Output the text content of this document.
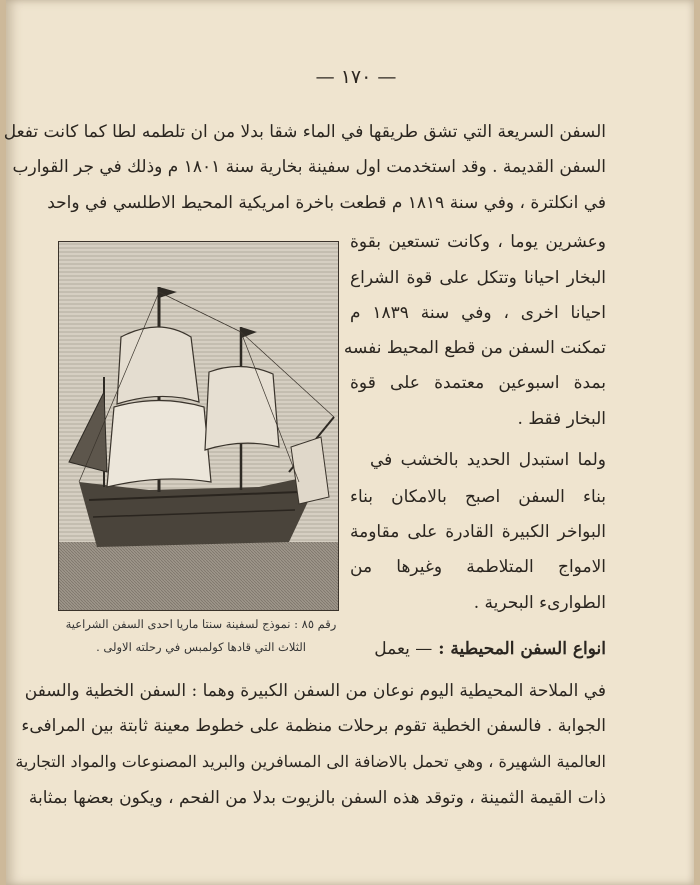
— ١٧٠ —
السفن السريعة التي تشق طريقها في الماء شقا بدلا من ان تلطمه لطا كما كانت تفعل
السفن القديمة . وقد استخدمت اول سفينة بخارية سنة ١٨٠١ م وذلك في جر القوارب
في انكلترة ، وفي سنة ١٨١٩ م قطعت باخرة امريكية المحيط الاطلسي في واحد
وعشرين يوما ، وكانت تستعين بقوة
البخار احيانا وتتكل على قوة الشراع
احيانا اخرى ، وفي سنة ١٨٣٩ م
تمكنت السفن من قطع المحيط نفسه
بمدة اسبوعين معتمدة على قوة
البخار فقط .
ولما استبدل الحديد بالخشب في
بناء السفن اصبح بالامكان بناء
البواخر الكبيرة القادرة على مقاومة
الامواج المتلاطمة وغيرها من
الطوارىء البحرية .
رقم ٨٥ : نموذج لسفينة سنتا ماريا احدى السفن الشراعية
الثلاث التي قادها كولمبس في رحلته الاولى .	انواع السفن المحيطية : — يعمل
في الملاحة المحيطية اليوم نوعان من السفن الكبيرة وهما : السفن الخطية والسفن
الجوابة . فالسفن الخطية تقوم برحلات منظمة على خطوط معينة ثابتة بين المرافىء
العالمية الشهيرة ، وهي تحمل بالاضافة الى المسافرين والبريد المصنوعات والمواد التجارية
ذات القيمة الثمينة ، وتوقد هذه السفن بالزيوت بدلا من الفحم ، ويكون بعضها بمثابة
